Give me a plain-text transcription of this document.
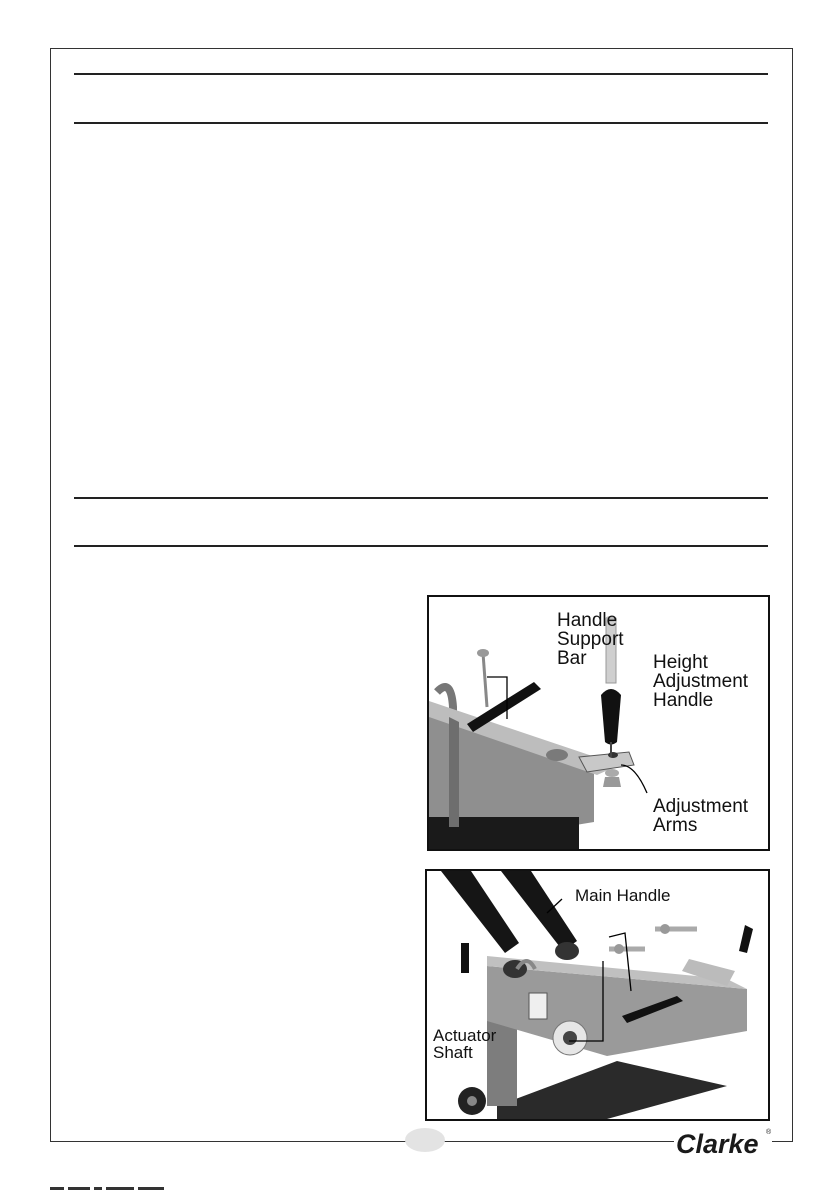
Handle
Support
Bar	Height
Adjustment
Handle
Adjustment
Arms
Main Handle
Actuator
Shaft
Clarke ®
